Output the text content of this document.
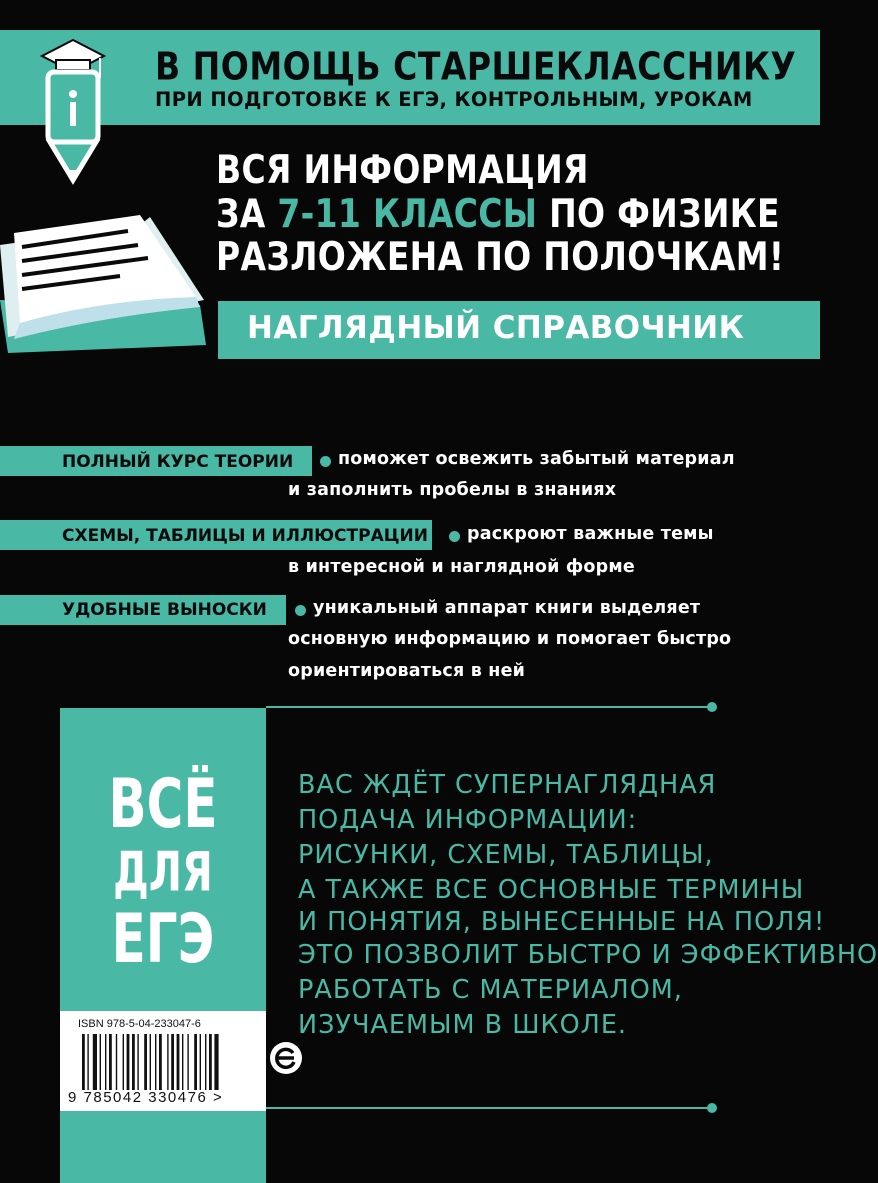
В ПОМОЩЬ СТАРШЕКЛАССНИКУ
ПРИ ПОДГОТОВКЕ К ЕГЭ, КОНТРОЛЬНЫМ, УРОКАМ
ВСЯ ИНФОРМАЦИЯ
ЗА 7-11 КЛАССЫ ПО ФИЗИКЕ
РАЗЛОЖЕНА ПО ПОЛОЧКАМ!
НАГЛЯДНЫЙ СПРАВОЧНИК
ПОЛНЫЙ КУРС ТЕОРИИ	поможет освежить забытый материал
и заполнить пробелы в знаниях
СХЕМЫ, ТАБЛИЦЫ И ИЛЛЮСТРАЦИИ раскроют важные темы
в интересной и наглядной форме
УДОБНЫЕ ВЫНОСКИ	уникальный аппарат книги выделяет
основную информацию и помогает быстро
ориентироваться в ней
ВСЁ
ДЛЯ
ЕГЭ
ВАС ЖДЁТ СУПЕРНАГЛЯДНАЯ
ПОДАЧА ИНФОРМАЦИИ:
РИСУНКИ, СХЕМЫ, ТАБЛИЦЫ,
А ТАКЖЕ ВСЕ ОСНОВНЫЕ ТЕРМИНЫ
И ПОНЯТИЯ, ВЫНЕСЕННЫЕ НА ПОЛЯ!
ЭТО ПОЗВОЛИТ БЫСТРО И ЭФФЕКТИВНО
РАБОТАТЬ С МАТЕРИАЛОМ,
ИЗУЧАЕМЫМ В ШКОЛЕ.
ISBN 978-5-04-233047-6
9 785042 330476 >
